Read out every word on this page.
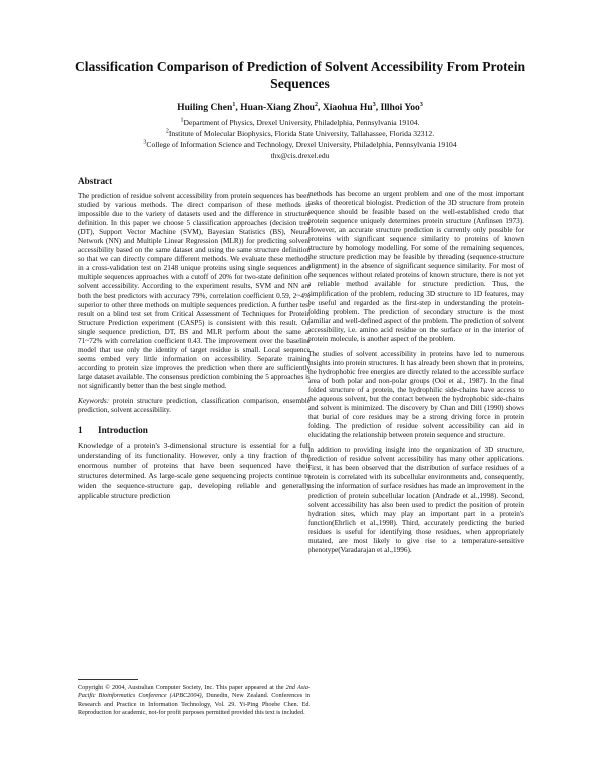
Classification Comparison of Prediction of Solvent Accessibility From Protein Sequences
Huiling Chen$^1$, Huan-Xiang Zhou$^2$, Xiaohua Hu$^3$, Illhoi Yoo$^3$
$^1$Department of Physics, Drexel University, Philadelphia, Pennsylvania 19104.
$^2$Institute of Molecular Biophysics, Florida State University, Tallahassee, Florida 32312.
$^3$College of Information Science and Technology, Drexel University, Philadelphia, Pennsylvania 19104
thx@cis.drexel.edu
Abstract

The prediction of residue solvent accessibility from protein sequences has been studied by various methods. The direct comparison of these methods is impossible due to the variety of datasets used and the difference in structure definition. In this paper we choose 5 classification approaches (decision tree (DT), Support Vector Machine (SVM), Bayesian Statistics (BS), Neural Network (NN) and Multiple Linear Regression (MLR)) for predicting solvent accessibility based on the same dataset and using the same structure definition so that we can directly compare different methods. We evaluate these methods in a cross-validation test on 2148 unique proteins using single sequences and multiple sequences approaches with a cutoff of 20% for two-state definition of solvent accessibility. According to the experiment results, SVM and NN are both the best predictors with accuracy 79%, correlation coefficient 0.59, 2~4% superior to other three methods on multiple sequences prediction. A further test result on a blind test set from Critical Assessment of Techniques for Protein Structure Prediction experiment (CASP5) is consistent with this result. On single sequence prediction, DT, BS and MLR perform about the same at 71~72% with correlation coefficient 0.43. The improvement over the baseline model that use only the identity of target residue is small. Local sequence seems embed very little information on accessibility. Separate training according to protein size improves the prediction when there are sufficiently large dataset available. The consensus prediction combining the 5 approaches is not significantly better than the best single method.

Keywords: protein structure prediction, classification comparison, ensemble prediction, solvent accessibility.

1 Introduction

Knowledge of a protein's 3-dimensional structure is essential for a full understanding of its functionality. However, only a tiny fraction of the enormous number of proteins that have been sequenced have their structures determined. As large-scale gene sequencing projects continue to widen the sequence-structure gap, developing reliable and generally applicable structure prediction

Copyright © 2004, Australian Computer Society, Inc. This paper appeared at the 2nd Asia-Pacific Bioinformatics Conference (APBC2004), Dunedin, New Zealand. Conferences in Research and Practice in Information Technology, Vol. 29. Yi-Ping Phoebe Chen. Ed. Reproduction for academic, not-for profit purposes permitted provided this text is included.

methods has become an urgent problem and one of the most important tasks of theoretical biologist. Prediction of the 3D structure from protein sequence should be feasible based on the well-established credo that protein sequence uniquely determines protein structure (Anfinsen 1973). However, an accurate structure prediction is currently only possible for proteins with significant sequence similarity to proteins of known structure by homology modelling. For some of the remaining sequences, the structure prediction may be feasible by threading (sequence-structure alignment) in the absence of significant sequence similarity. For most of the sequences without related proteins of known structure, there is not yet a reliable method available for structure prediction. Thus, the simplification of the problem, reducing 3D structure to 1D features, may be useful and regarded as the first-step in understanding the protein-folding problem. The prediction of secondary structure is the most familiar and well-defined aspect of the problem. The prediction of solvent accessibility, i.e. amino acid residue on the surface or in the interior of protein molecule, is another aspect of the problem.

The studies of solvent accessibility in proteins have led to numerous insights into protein structures. It has already been shown that in proteins, the hydrophobic free energies are directly related to the accessible surface area of both polar and non-polar groups (Ooi et al., 1987). In the final folded structure of a protein, the hydrophilic side-chains have access to the aqueous solvent, but the contact between the hydrophobic side-chains and solvent is minimized. The discovery by Chan and Dill (1990) shows that burial of core residues may be a strong driving force in protein folding. The prediction of residue solvent accessibility can aid in elucidating the relationship between protein sequence and structure.

In addition to providing insight into the organization of 3D structure, prediction of residue solvent accessibility has many other applications. First, it has been observed that the distribution of surface residues of a protein is correlated with its subcellular environments and, consequently, using the information of surface residues has made an improvement in the prediction of protein subcellular location (Andrade et al.,1998). Second, solvent accessibility has also been used to predict the position of protein hydration sites, which may play an important part in a protein's function(Ehrlich et al.,1998). Third, accurately predicting the buried residues is useful for identifying those residues, when appropriately mutated, are most likely to give rise to a temperature-sensitive phenotype(Varadarajan et al.,1996).
